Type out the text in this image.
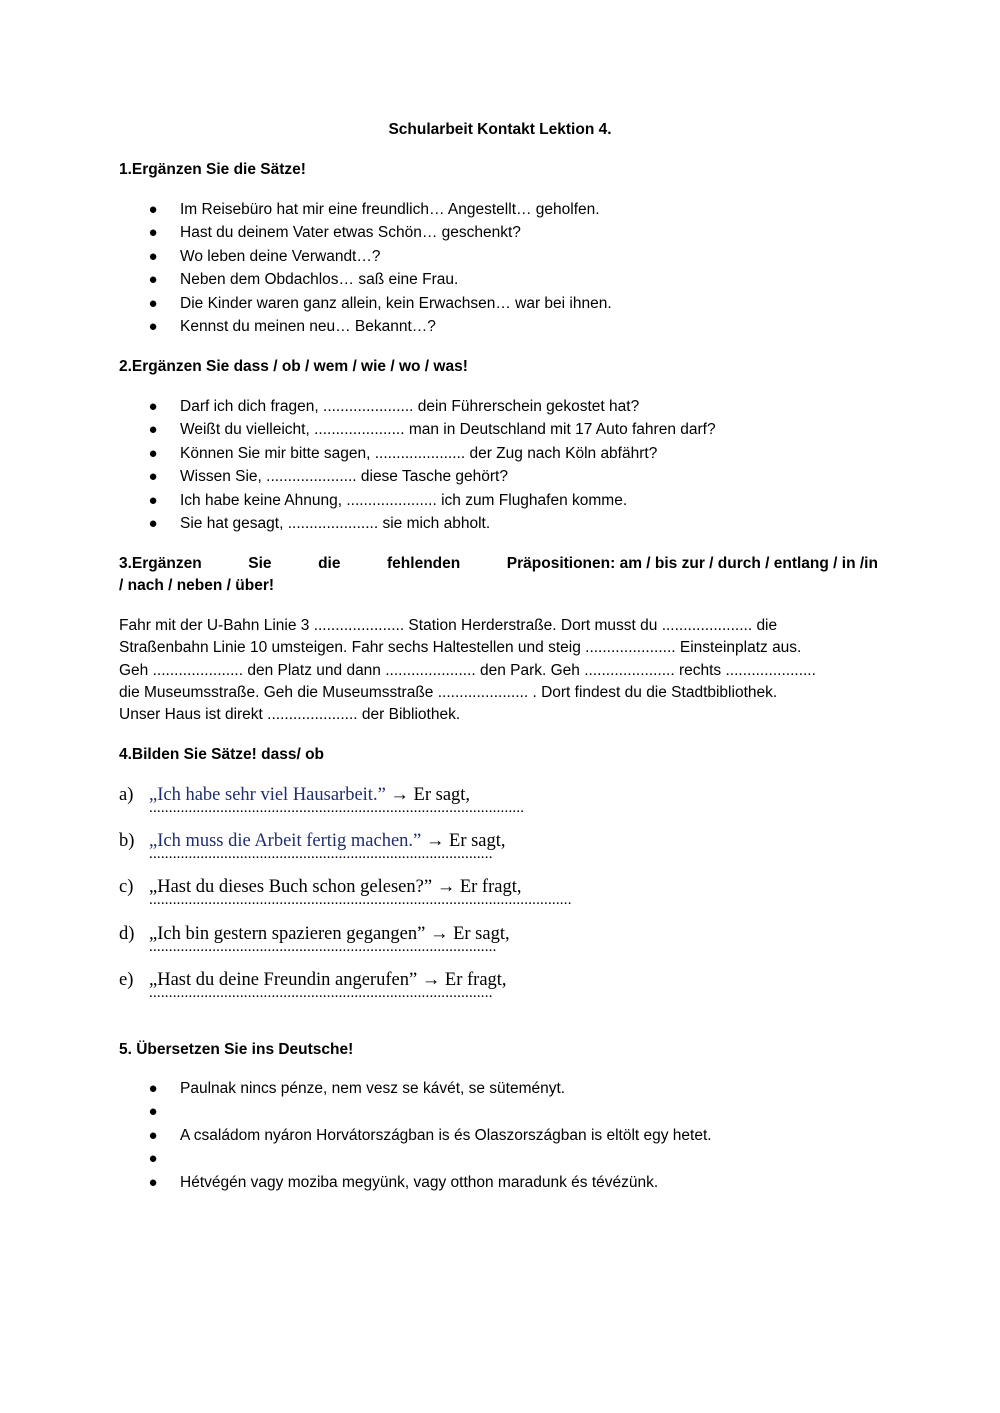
Schularbeit Kontakt Lektion 4.
1.Ergänzen Sie die Sätze!
● Im Reisebüro hat mir eine freundlich… Angestellt… geholfen.
● Hast du deinem Vater etwas Schön… geschenkt?
● Wo leben deine Verwandt…?
● Neben dem Obdachlos… saß eine Frau.
● Die Kinder waren ganz allein, kein Erwachsen… war bei ihnen.
● Kennst du meinen neu… Bekannt…?
2.Ergänzen Sie dass / ob / wem / wie / wo / was!
● Darf ich dich fragen, ..................... dein Führerschein gekostet hat?
● Weißt du vielleicht, ..................... man in Deutschland mit 17 Auto fahren darf?
● Können Sie mir bitte sagen, ..................... der Zug nach Köln abfährt?
● Wissen Sie, ..................... diese Tasche gehört?
● Ich habe keine Ahnung, ..................... ich zum Flughafen komme.
● Sie hat gesagt, ..................... sie mich abholt.
3.Ergänzen	Sie	die	fehlenden	Präpositionen: am / bis zur / durch / entlang / in /in
/ nach / neben / über!
Fahr mit der U-Bahn Linie 3 ..................... Station Herderstraße. Dort musst du ..................... die
Straßenbahn Linie 10 umsteigen. Fahr sechs Haltestellen und steig ..................... Einsteinplatz aus.
Geh ..................... den Platz und dann ..................... den Park. Geh ..................... rechts .....................
die Museumsstraße. Geh die Museumsstraße ..................... . Dort findest du die Stadtbibliothek.
Unser Haus ist direkt ..................... der Bibliothek.
4.Bilden Sie Sätze! dass/ ob
a) „Ich habe sehr viel Hausarbeit.” → Er sagt,
...............................................................................................
b) „Ich muss die Arbeit fertig machen.” → Er sagt,
.......................................................................................
c) „Hast du dieses Buch schon gelesen?” → Er fragt,
...........................................................................................................
d) „Ich bin gestern spazieren gegangen” → Er sagt,
........................................................................................
e) „Hast du deine Freundin angerufen” → Er fragt,
.......................................................................................
5. Übersetzen Sie ins Deutsche!
● Paulnak nincs pénze, nem vesz se kávét, se süteményt.
●
● A családom nyáron Horvátországban is és Olaszországban is eltölt egy hetet.
●
● Hétvégén vagy moziba megyünk, vagy otthon maradunk és tévézünk.
